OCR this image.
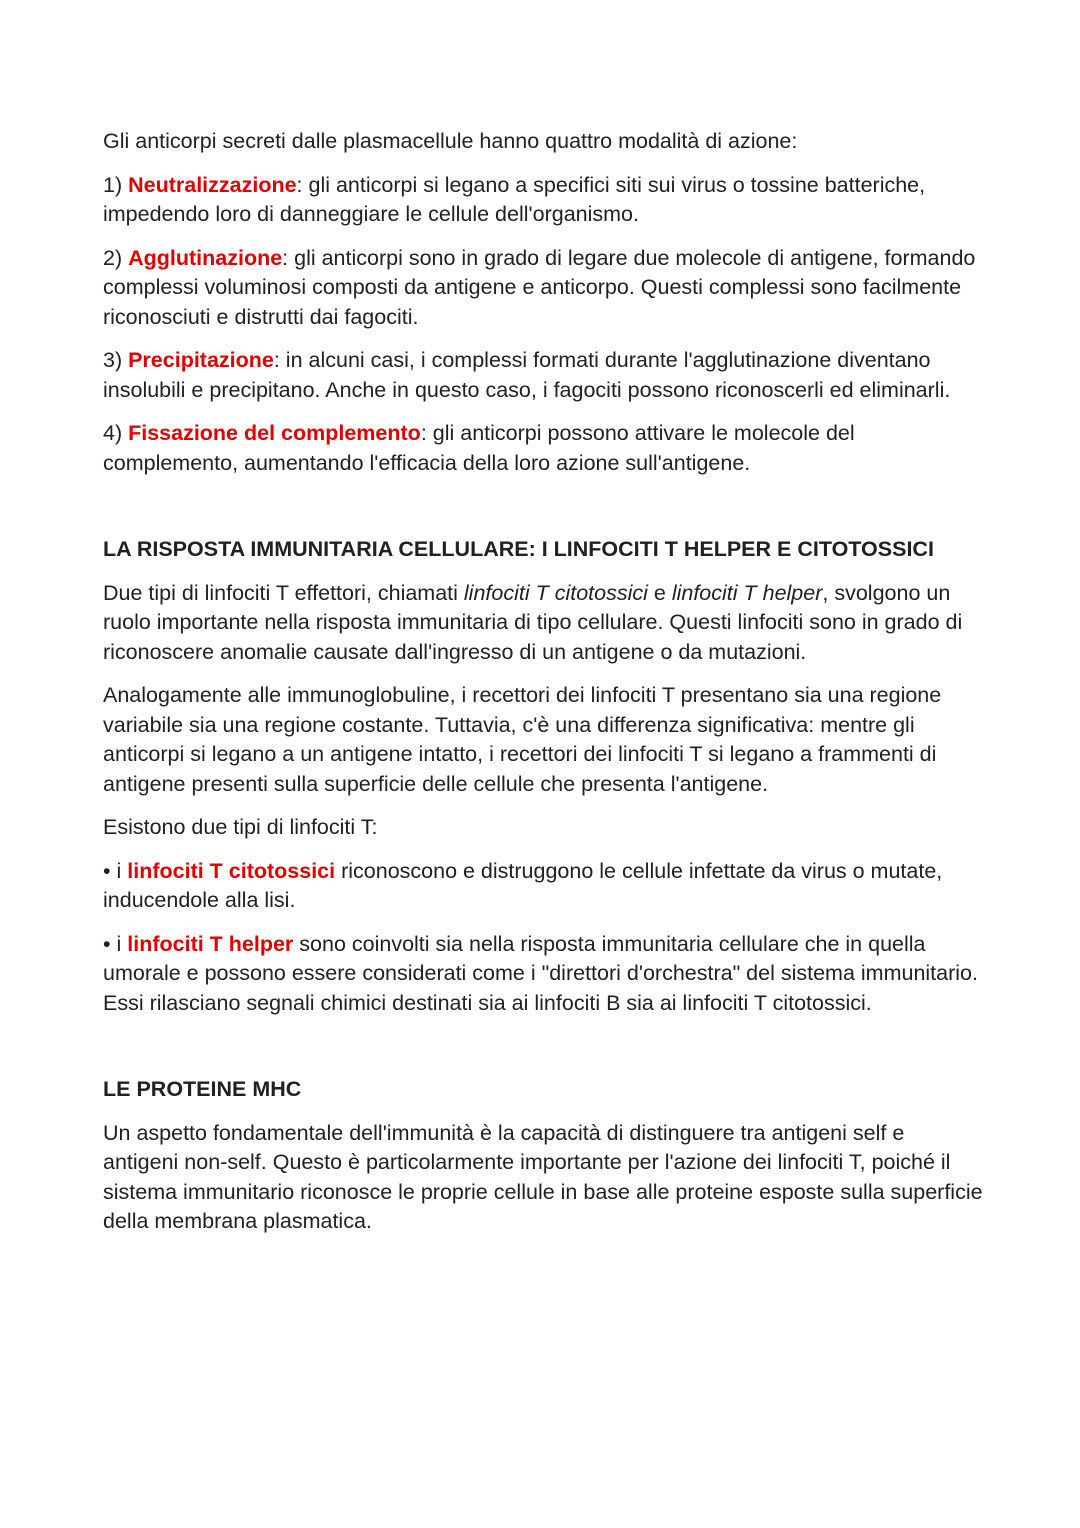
Gli anticorpi secreti dalle plasmacellule hanno quattro modalità di azione:

1) Neutralizzazione: gli anticorpi si legano a specifici siti sui virus o tossine batteriche, impedendo loro di danneggiare le cellule dell'organismo.

2) Agglutinazione: gli anticorpi sono in grado di legare due molecole di antigene, formando complessi voluminosi composti da antigene e anticorpo. Questi complessi sono facilmente riconosciuti e distrutti dai fagociti.

3) Precipitazione: in alcuni casi, i complessi formati durante l'agglutinazione diventano insolubili e precipitano. Anche in questo caso, i fagociti possono riconoscerli ed eliminarli.

4) Fissazione del complemento: gli anticorpi possono attivare le molecole del complemento, aumentando l'efficacia della loro azione sull'antigene.

LA RISPOSTA IMMUNITARIA CELLULARE: I LINFOCITI T HELPER E CITOTOSSICI

Due tipi di linfociti T effettori, chiamati linfociti T citotossici e linfociti T helper, svolgono un ruolo importante nella risposta immunitaria di tipo cellulare. Questi linfociti sono in grado di riconoscere anomalie causate dall'ingresso di un antigene o da mutazioni.

Analogamente alle immunoglobuline, i recettori dei linfociti T presentano sia una regione variabile sia una regione costante. Tuttavia, c'è una differenza significativa: mentre gli anticorpi si legano a un antigene intatto, i recettori dei linfociti T si legano a frammenti di antigene presenti sulla superficie delle cellule che presenta l'antigene.

Esistono due tipi di linfociti T:

• i linfociti T citotossici riconoscono e distruggono le cellule infettate da virus o mutate, inducendole alla lisi.

• i linfociti T helper sono coinvolti sia nella risposta immunitaria cellulare che in quella umorale e possono essere considerati come i "direttori d'orchestra" del sistema immunitario. Essi rilasciano segnali chimici destinati sia ai linfociti B sia ai linfociti T citotossici.

LE PROTEINE MHC

Un aspetto fondamentale dell'immunità è la capacità di distinguere tra antigeni self e antigeni non-self. Questo è particolarmente importante per l'azione dei linfociti T, poiché il sistema immunitario riconosce le proprie cellule in base alle proteine esposte sulla superficie della membrana plasmatica.
